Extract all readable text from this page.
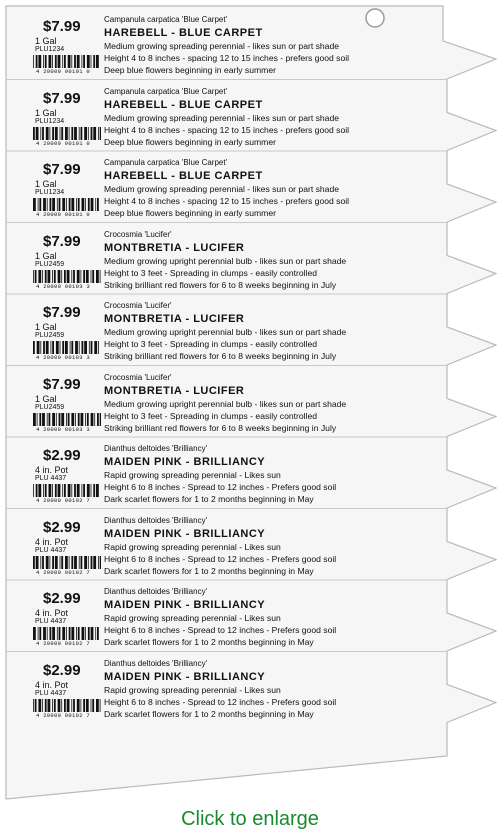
$7.99
1 Gal
PLU1234
4 20000 00101 0
Campanula carpatica 'Blue Carpet'
HAREBELL - BLUE CARPET
Medium growing spreading perennial - likes sun or part shade
Height 4 to 8 inches - spacing 12 to 15 inches - prefers good soil
Deep blue flowers beginning in early summer
$7.99
1 Gal
PLU1234
4 20000 00101 0
Campanula carpatica 'Blue Carpet'
HAREBELL - BLUE CARPET
Medium growing spreading perennial - likes sun or part shade
Height 4 to 8 inches - spacing 12 to 15 inches - prefers good soil
Deep blue flowers beginning in early summer
$7.99
1 Gal
PLU1234
4 20000 00101 0
Campanula carpatica 'Blue Carpet'
HAREBELL - BLUE CARPET
Medium growing spreading perennial - likes sun or part shade
Height 4 to 8 inches - spacing 12 to 15 inches - prefers good soil
Deep blue flowers beginning in early summer
$7.99
1 Gal
PLU2459
4 20000 00103 3
Crocosmia 'Lucifer'
MONTBRETIA - LUCIFER
Medium growing upright perennial bulb - likes sun or part shade
Height to 3 feet - Spreading in clumps - easily controlled
Striking brilliant red flowers for 6 to 8 weeks beginning in July
$7.99
1 Gal
PLU2459
4 20000 00103 3
Crocosmia 'Lucifer'
MONTBRETIA - LUCIFER
Medium growing upright perennial bulb - likes sun or part shade
Height to 3 feet - Spreading in clumps - easily controlled
Striking brilliant red flowers for 6 to 8 weeks beginning in July
$7.99
1 Gal
PLU2459
4 20000 00103 3
Crocosmia 'Lucifer'
MONTBRETIA - LUCIFER
Medium growing upright perennial bulb - likes sun or part shade
Height to 3 feet - Spreading in clumps - easily controlled
Striking brilliant red flowers for 6 to 8 weeks beginning in July
$2.99
4 in. Pot
PLU 4437
4 20000 00102 7
Dianthus deltoides 'Brilliancy'
MAIDEN PINK - BRILLIANCY
Rapid growing spreading perennial - Likes sun
Height 6 to 8 inches - Spread to 12 inches - Prefers good soil
Dark scarlet flowers for 1 to 2 months beginning in May
$2.99
4 in. Pot
PLU 4437
4 20000 00102 7
Dianthus deltoides 'Brilliancy'
MAIDEN PINK - BRILLIANCY
Rapid growing spreading perennial - Likes sun
Height 6 to 8 inches - Spread to 12 inches - Prefers good soil
Dark scarlet flowers for 1 to 2 months beginning in May
$2.99
4 in. Pot
PLU 4437
4 20000 00102 7
Dianthus deltoides 'Brilliancy'
MAIDEN PINK - BRILLIANCY
Rapid growing spreading perennial - Likes sun
Height 6 to 8 inches - Spread to 12 inches - Prefers good soil
Dark scarlet flowers for 1 to 2 months beginning in May
$2.99
4 in. Pot
PLU 4437
4 20000 00102 7
Dianthus deltoides 'Brilliancy'
MAIDEN PINK - BRILLIANCY
Rapid growing spreading perennial - Likes sun
Height 6 to 8 inches - Spread to 12 inches - Prefers good soil
Dark scarlet flowers for 1 to 2 months beginning in May
Click to enlarge
